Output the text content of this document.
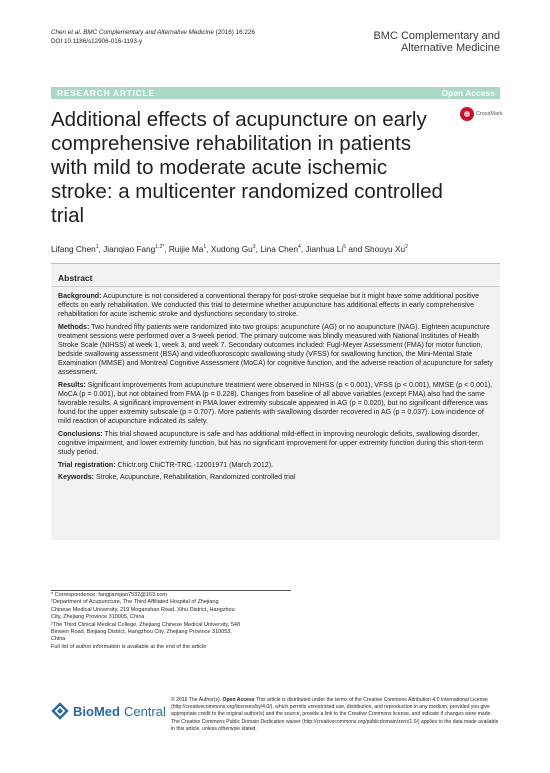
Chen et al. BMC Complementary and Alternative Medicine (2016) 16:226
DOI 10.1186/s12906-016-1193-y	BMC Complementary and
Alternative Medicine
RESEARCH ARTICLE	Open Access
CrossMark
Additional effects of acupuncture on early comprehensive rehabilitation in patients with mild to moderate acute ischemic stroke: a multicenter randomized controlled trial
Lifang Chen$^1$, Jianqiao Fang$^{1,2*}$, Ruijie Ma$^1$, Xudong Gu$^3$, Lina Chen$^4$, Jianhua Li$^5$ and Shouyu Xu$^2$
Abstract

Background: Acupuncture is not considered a conventional therapy for post-stroke sequelae but it might have some additional positive effects on early rehabilitation. We conducted this trial to determine whether acupuncture has additional effects in early comprehensive rehabilitation for acute ischemic stroke and dysfunctions secondary to stroke.

Methods: Two hundred fifty patients were randomized into two groups: acupuncture (AG) or no acupuncture (NAG). Eighteen acupuncture treatment sessions were performed over a 3-week period. The primary outcome was blindly measured with National Institutes of Health Stroke Scale (NIHSS) at week 1, week 3, and week 7. Secondary outcomes included: Fugl-Meyer Assessment (FMA) for motor function, bedside swallowing assessment (BSA) and videofluoroscopic swallowing study (VFSS) for swallowing function, the Mini-Mental State Examination (MMSE) and Montreal Cognitive Assessment (MoCA) for cognitive function, and the adverse reaction of acupuncture for safety assessment.

Results: Significant improvements from acupuncture treatment were observed in NIHSS (p < 0.001), VFSS (p < 0.001), MMSE (p < 0.001), MoCA (p = 0.001), but not obtained from FMA (p = 0.228). Changes from baseline of all above variables (except FMA) also had the same favorable results. A significant improvement in FMA lower extremity subscale appeared in AG (p = 0.020), but no significant difference was found for the upper extremity subscale (p = 0.707). More patients with swallowing disorder recovered in AG (p = 0.037). Low incidence of mild reaction of acupuncture indicated its safety.

Conclusions: This trial showed acupuncture is safe and has additional mild-effect in improving neurologic deficits, swallowing disorder, cognitive impairment, and lower extremity function, but has no significant improvement for upper extremity function during this short-term study period.

Trial registration: Chictr.org ChiCTR-TRC -12001971 (March 2012).

Keywords: Stroke, Acupuncture, Rehabilitation, Randomized controlled trial

* Correspondence: fangjianqiao7532@163.com
¹Department of Acupuncture, The Third Affiliated Hospital of Zhejiang
Chinese Medical University, 219 Moganshan Road, Xihu District, Hangzhou
City, Zhejiang Province 310005, China
²The Third Clinical Medical College, Zhejiang Chinese Medical University, 548
Binwen Road, Binjiang District, Hangzhou City, Zhejiang Province 310053,
China
Full list of author information is available at the end of the article
BioMed Central
© 2016 The Author(s). Open Access This article is distributed under the terms of the Creative Commons Attribution 4.0 International License (http://creativecommons.org/licenses/by/4.0/), which permits unrestricted use, distribution, and reproduction in any medium, provided you give appropriate credit to the original author(s) and the source, provide a link to the Creative Commons license, and indicate if changes were made. The Creative Commons Public Domain Dedication waiver (http://creativecommons.org/publicdomain/zero/1.0/) applies to the data made available in this article, unless otherwise stated.
